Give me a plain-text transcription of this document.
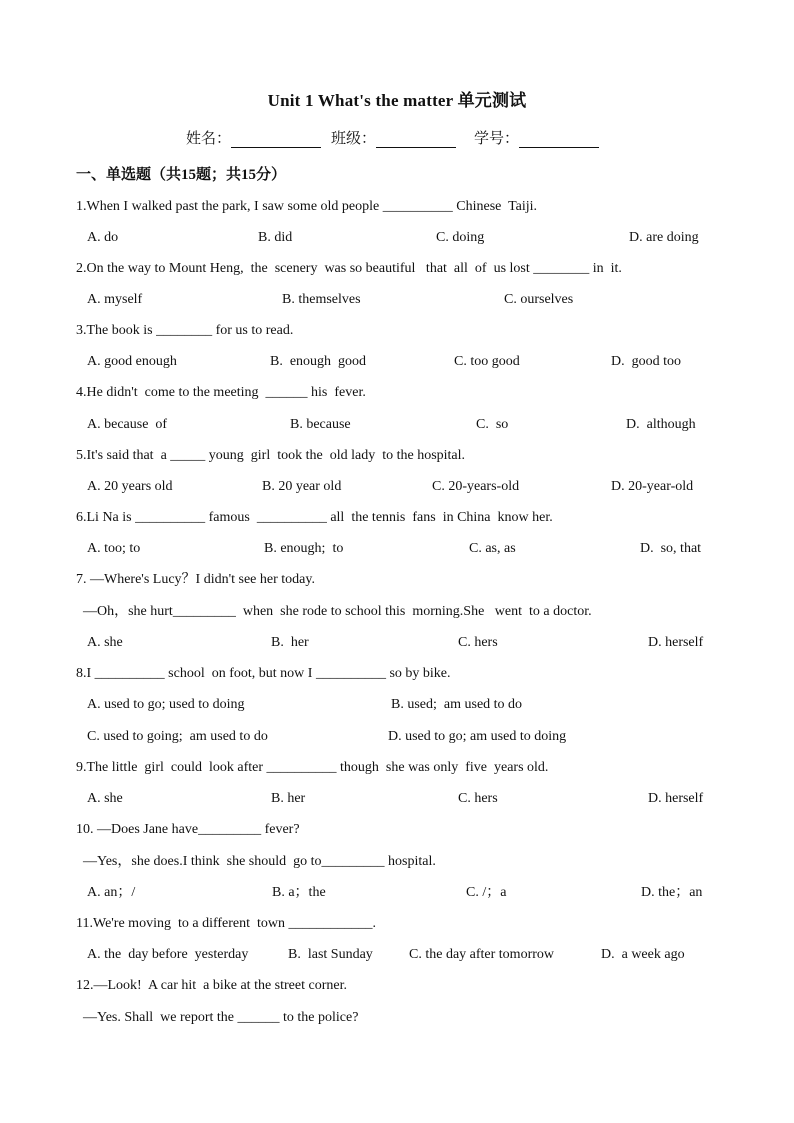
Unit 1 What's the matter 单元测试
姓名：	班级：	学号：
一、单选题（共15题；共15分）
1.When I walked past the park, I saw some old people __________ Chinese  Taiji.
A. do	B. did	C. doing	D. are doing
2.On the way to Mount Heng,  the  scenery  was so beautiful   that  all  of  us lost ________ in  it.
A. myself	B. themselves	C. ourselves
3.The book is ________ for us to read.
A. good enough	B.  enough  good	C. too good	D.  good too
4.He didn't  come to the meeting  ______ his  fever.
A. because  of	B. because	C.  so	D.  although
5.It's said that  a _____ young  girl  took the  old lady  to the hospital.
A. 20 years old	B. 20 year old	C. 20-years-old	D. 20-year-old
6.Li Na is __________ famous  __________ all  the tennis  fans  in China  know her.
A. too; to	B. enough;  to	C. as, as	D.  so, that
7. —Where's Lucy？I didn't see her today.
—Oh，she hurt_________  when  she rode to school this  morning.She   went  to a doctor.
A. she	B.  her	C. hers	D. herself
8.I __________ school  on foot, but now I __________ so by bike.
A. used to go; used to doing	B. used;  am used to do
C. used to going;  am used to do	D. used to go; am used to doing
9.The little  girl  could  look after __________ though  she was only  five  years old.
A. she	B. her	C. hers	D. herself
10. —Does Jane have_________ fever?
—Yes，she does.I think  she should  go to_________ hospital.
A. an；/	B. a；the	C. /；a	D. the；an
11.We're moving  to a different  town ____________.
A. the  day before  yesterday	B.  last Sunday	C. the day after tomorrow	D.  a week ago
12.—Look!  A car hit  a bike at the street corner.
—Yes. Shall  we report the ______ to the police?
